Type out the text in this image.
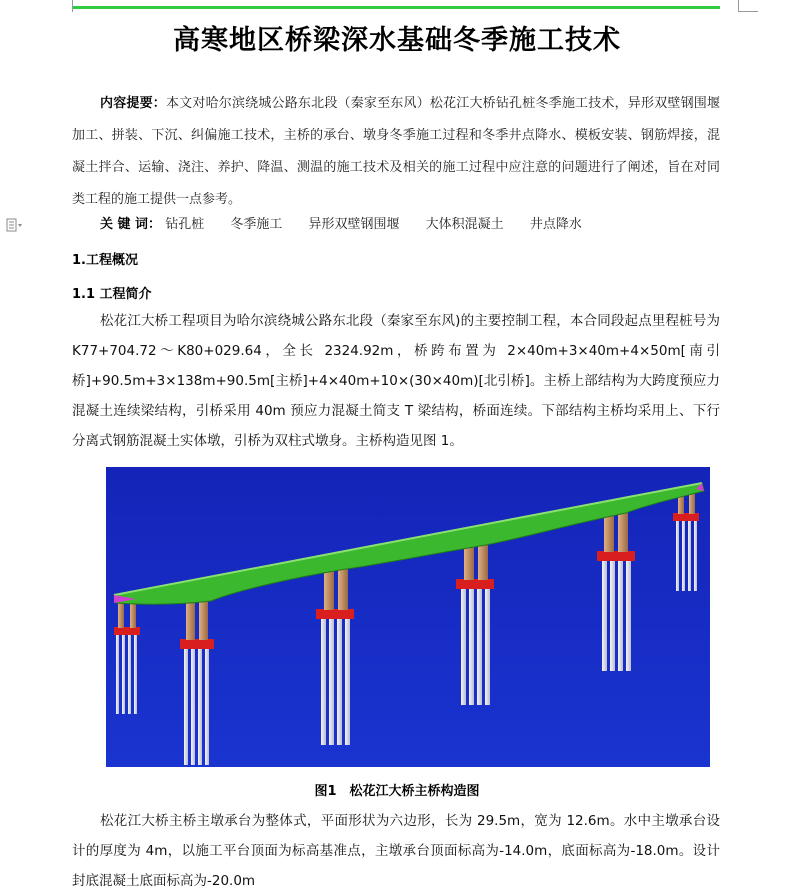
高寒地区桥梁深水基础冬季施工技术
内容提要：本文对哈尔滨绕城公路东北段（秦家至东风）松花江大桥钻孔桩冬季施工技术，异形双壁钢围堰加工、拼装、下沉、纠偏施工技术，主桥的承台、墩身冬季施工过程和冬季井点降水、模板安装、钢筋焊接，混凝土拌合、运输、浇注、养护、降温、测温的施工技术及相关的施工过程中应注意的问题进行了阐述，旨在对同类工程的施工提供一点参考。
关 键 词： 钻孔桩 冬季施工 异形双壁钢围堰 大体积混凝土 井点降水
1.工程概况
1.1 工程简介
松花江大桥工程项目为哈尔滨绕城公路东北段（秦家至东风)的主要控制工程，本合同段起点里程桩号为 K77+704.72～K80+029.64，全长 2324.92m，桥跨布置为 2×40m+3×40m+4×50m[南引桥]+90.5m+3×138m+90.5m[主桥]+4×40m+10×(30×40m)[北引桥]。主桥上部结构为大跨度预应力混凝土连续梁结构，引桥采用 40m 预应力混凝土简支 T 梁结构，桥面连续。下部结构主桥均采用上、下行分离式钢筋混凝土实体墩，引桥为双柱式墩身。主桥构造见图 1。
图1　松花江大桥主桥构造图
松花江大桥主桥主墩承台为整体式，平面形状为六边形，长为 29.5m，宽为 12.6m。水中主墩承台设计的厚度为 4m，以施工平台顶面为标高基准点，主墩承台顶面标高为-14.0m，底面标高为-18.0m。设计封底混凝土底面标高为-20.0m
